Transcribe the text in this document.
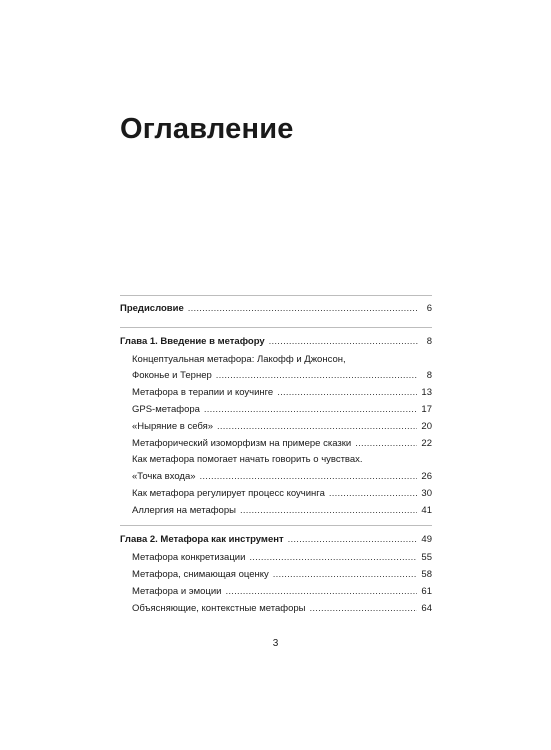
Оглавление
Предисловие . . .	6
Глава 1. Введение в метафору . . .	8
Концептуальная метафора: Лакофф и Джонсон,
Фоконье и Тернер . . .	8
Метафора в терапии и коучинге . . .	13
GPS-метафора . . .	17
«Ныряние в себя» . . .	20
Метафорический изоморфизм на примере сказки . . .	22
Как метафора помогает начать говорить о чувствах.
«Точка входа» . . .	26
Как метафора регулирует процесс коучинга . . .	30
Аллергия на метафоры . . .	41
Глава 2. Метафора как инструмент . . .	49
Метафора конкретизации . . .	55
Метафора, снимающая оценку . . .	58
Метафора и эмоции . . .	61
Объясняющие, контекстные метафоры . . .	64
3
